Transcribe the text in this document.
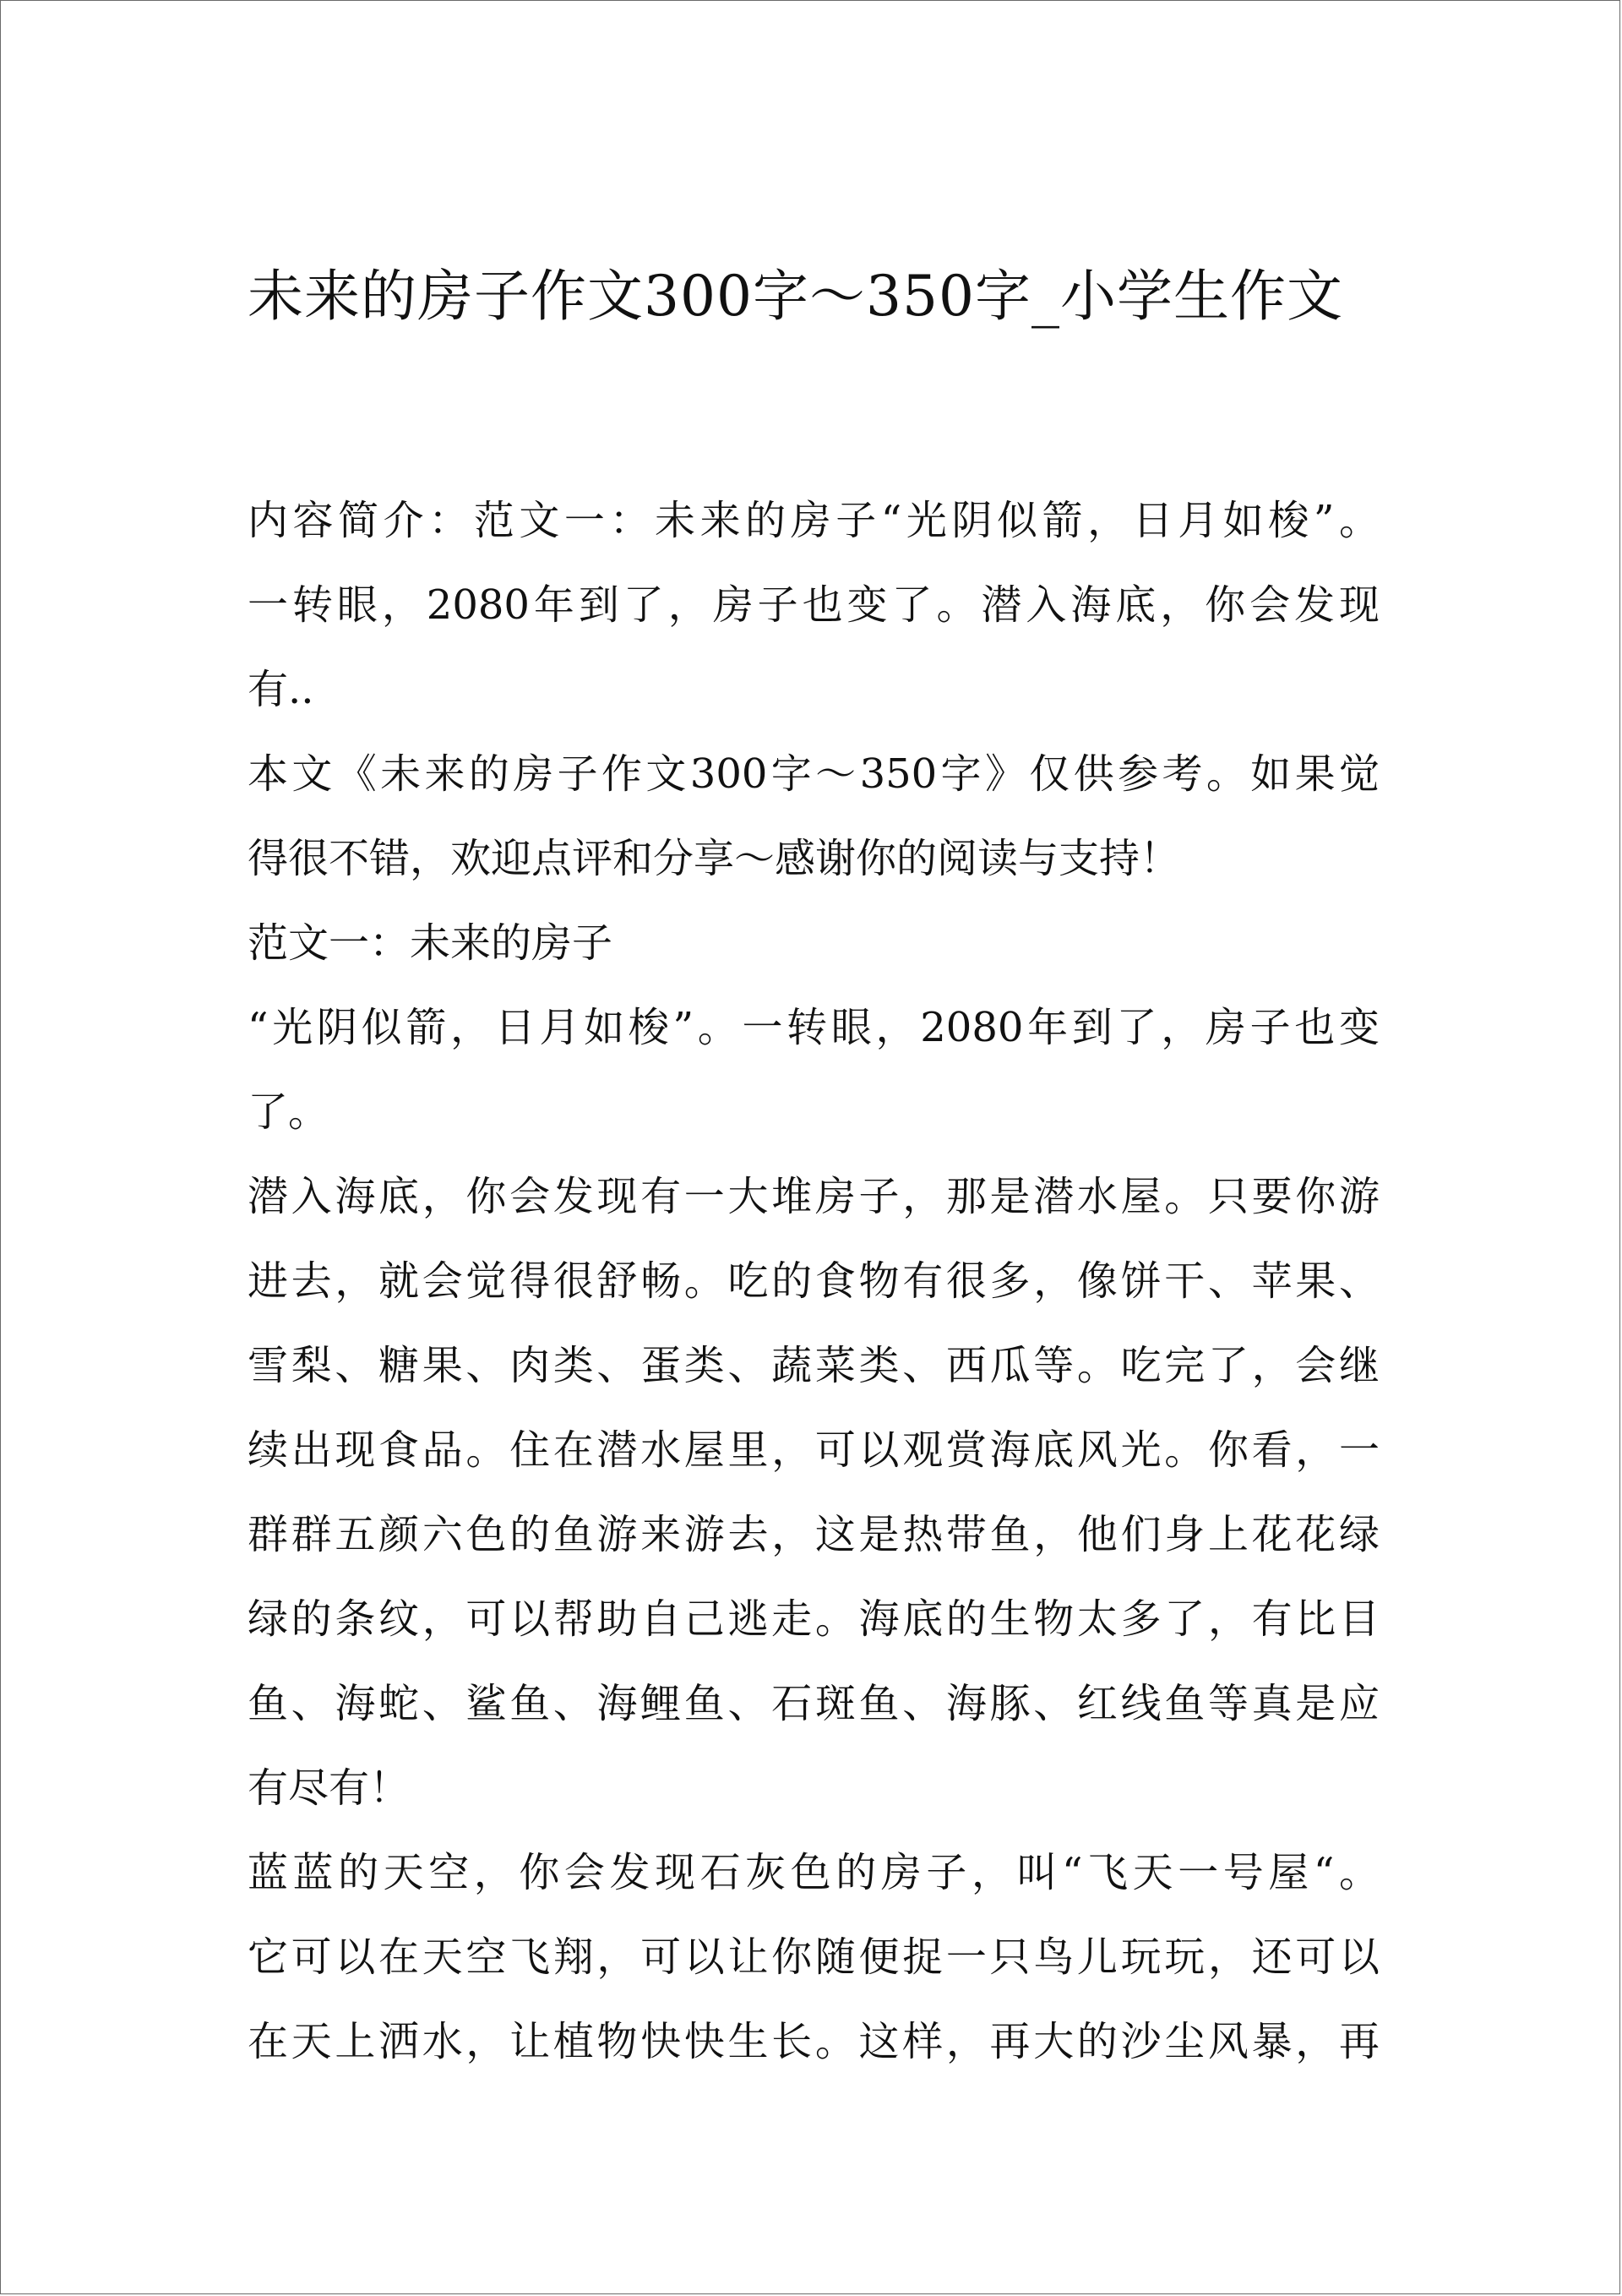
未来的房子作文300字～350字_小学生作文
内容简介：范文一：未来的房子“光阴似箭，日月如梭”。
一转眼，2080年到了，房子也变了。潜入海底，你会发现
有..
本文《未来的房子作文300字～350字》仅供参考。如果觉
得很不错，欢迎点评和分享～感谢你的阅读与支持！
范文一：未来的房子
“光阴似箭，日月如梭”。一转眼，2080年到了，房子也变
了。
潜入海底，你会发现有一大堆房子，那是潜水屋。只要你游
进去，就会觉得很舒畅。吃的食物有很多，像饼干、苹果、
雪梨、糖果、肉类、蛋类、蔬菜类、西瓜等。吃完了，会继
续出现食品。住在潜水屋里，可以观赏海底风光。你看，一
群群五颜六色的鱼游来游去，这是热带鱼，他们身上花花绿
绿的条纹，可以帮助自己逃走。海底的生物太多了，有比目
鱼、海蛇、鲨鱼、海鲤鱼、石斑鱼、海豚、红线鱼等真是应
有尽有！
蓝蓝的天空，你会发现石灰色的房子，叫“飞天一号屋“。
它可以在天空飞翔，可以让你随便捉一只鸟儿玩玩，还可以
在天上洒水，让植物快快生长。这样，再大的沙尘风暴，再
